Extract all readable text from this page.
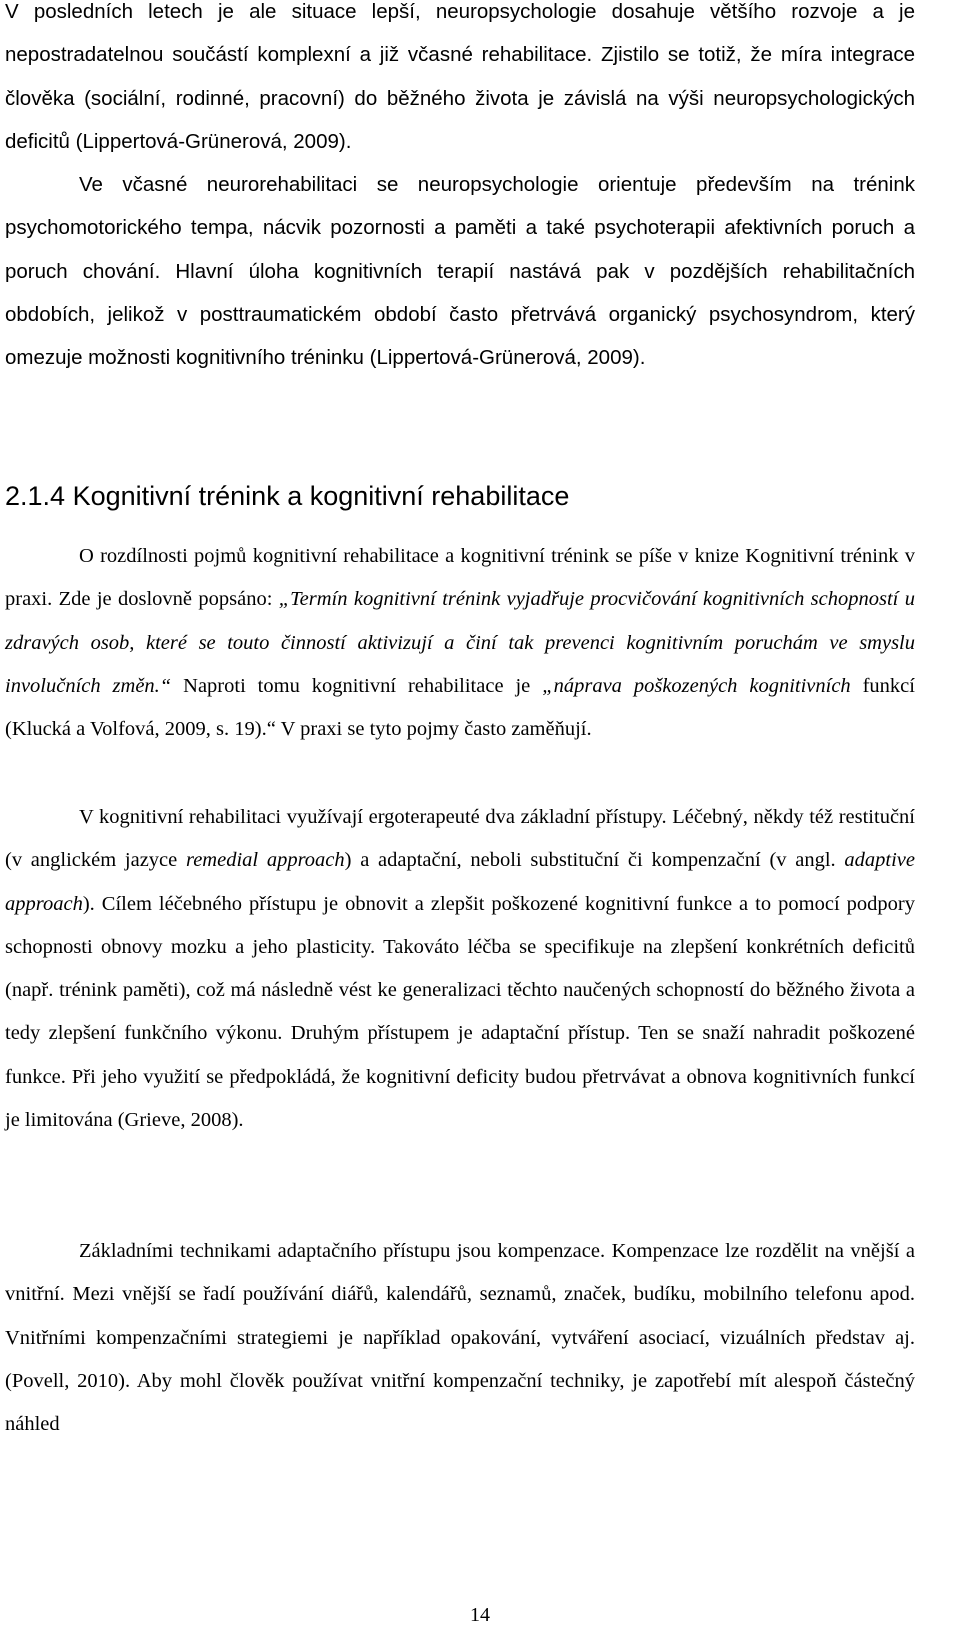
V posledních letech je ale situace lepší, neuropsychologie dosahuje většího rozvoje a je nepostradatelnou součástí komplexní a již včasné rehabilitace. Zjistilo se totiž, že míra integrace člověka (sociální, rodinné, pracovní) do běžného života je závislá na výši neuropsychologických deficitů (Lippertová-Grünerová, 2009).

Ve včasné neurorehabilitaci se neuropsychologie orientuje především na trénink psychomotorického tempa, nácvik pozornosti a paměti a také psychoterapii afektivních poruch a poruch chování. Hlavní úloha kognitivních terapií nastává pak v pozdějších rehabilitačních obdobích, jelikož v posttraumatickém období často přetrvává organický psychosyndrom, který omezuje možnosti kognitivního tréninku (Lippertová-Grünerová, 2009).

2.1.4 Kognitivní trénink a kognitivní rehabilitace

O rozdílnosti pojmů kognitivní rehabilitace a kognitivní trénink se píše v knize Kognitivní trénink v praxi. Zde je doslovně popsáno: „Termín kognitivní trénink vyjadřuje procvičování kognitivních schopností u zdravých osob, které se touto činností aktivizují a činí tak prevenci kognitivním poruchám ve smyslu involučních změn.“ Naproti tomu kognitivní rehabilitace je „náprava poškozených kognitivních funkcí (Klucká a Volfová, 2009, s. 19).“ V praxi se tyto pojmy často zaměňují.

V kognitivní rehabilitaci využívají ergoterapeuté dva základní přístupy. Léčebný, někdy též restituční (v anglickém jazyce remedial approach) a adaptační, neboli substituční či kompenzační (v angl. adaptive approach). Cílem léčebného přístupu je obnovit a zlepšit poškozené kognitivní funkce a to pomocí podpory schopnosti obnovy mozku a jeho plasticity. Takováto léčba se specifikuje na zlepšení konkrétních deficitů (např. trénink paměti), což má následně vést ke generalizaci těchto naučených schopností do běžného života a tedy zlepšení funkčního výkonu. Druhým přístupem je adaptační přístup. Ten se snaží nahradit poškozené funkce. Při jeho využití se předpokládá, že kognitivní deficity budou přetrvávat a obnova kognitivních funkcí je limitována (Grieve, 2008).

Základními technikami adaptačního přístupu jsou kompenzace. Kompenzace lze rozdělit na vnější a vnitřní. Mezi vnější se řadí používání diářů, kalendářů, seznamů, značek, budíku, mobilního telefonu apod. Vnitřními kompenzačními strategiemi je například opakování, vytváření asociací, vizuálních představ aj. (Povell, 2010). Aby mohl člověk používat vnitřní kompenzační techniky, je zapotřebí mít alespoň částečný náhled

14
